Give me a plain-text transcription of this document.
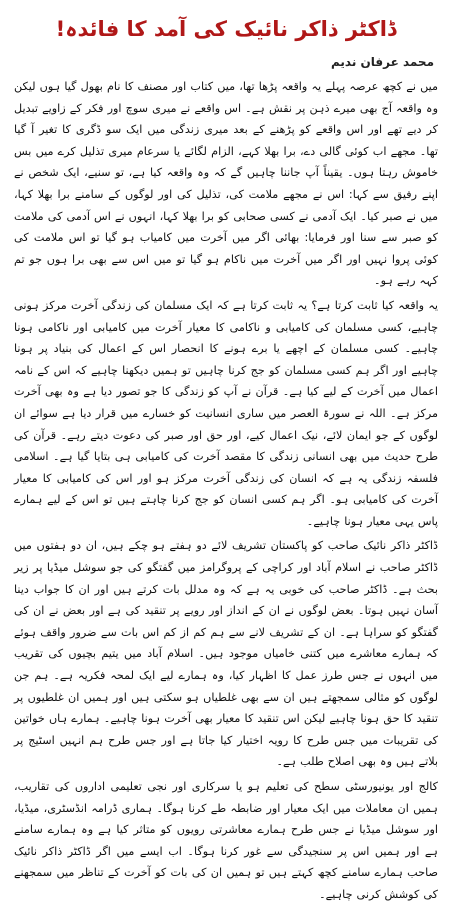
ڈاکٹر ذاکر نائیک کی آمد کا فائدہ!
محمد عرفان ندیم

میں نے کچھ عرصہ پہلے یہ واقعہ پڑھا تھا، میں کتاب اور مصنف کا نام بھول گیا ہوں لیکن وہ واقعہ آج بھی میرے ذہن پر نقش ہے۔ اس واقعے نے میری سوچ اور فکر کے زاویے تبدیل کر دیے تھے اور اس واقعے کو پڑھنے کے بعد میری زندگی میں ایک سو ڈگری کا تغیر آ گیا تھا۔ مجھے اب کوئی گالی دے، برا بھلا کہے، الزام لگائے یا سرعام میری تذلیل کرے میں بس خاموش رہتا ہوں۔ یقیناً آپ جاننا چاہیں گے کہ وہ واقعہ کیا ہے، تو سنیے، ایک شخص نے اپنے رفیق سے کہا: اس نے مجھے ملامت کی، تذلیل کی اور لوگوں کے سامنے برا بھلا کہا، میں نے صبر کیا۔ ایک آدمی نے کسی صحابی کو برا بھلا کہا، انہوں نے اس آدمی کی ملامت کو صبر سے سنا اور فرمایا: بھائی اگر میں آخرت میں کامیاب ہو گیا تو اس ملامت کی کوئی پروا نہیں اور اگر میں آخرت میں ناکام ہو گیا تو میں اس سے بھی برا ہوں جو تم کہہ رہے ہو۔

یہ واقعہ کیا ثابت کرتا ہے؟ یہ ثابت کرتا ہے کہ ایک مسلمان کی زندگی آخرت مرکز ہونی چاہیے، کسی مسلمان کی کامیابی و ناکامی کا معیار آخرت میں کامیابی اور ناکامی ہونا چاہیے۔ کسی مسلمان کے اچھے یا برے ہونے کا انحصار اس کے اعمال کی بنیاد پر ہونا چاہیے اور اگر ہم کسی مسلمان کو جج کرنا چاہیں تو ہمیں دیکھنا چاہیے کہ اس کے نامہ اعمال میں آخرت کے لیے کیا ہے۔ قرآن نے آپ کو زندگی کا جو تصور دیا ہے وہ بھی آخرت مرکز ہے۔ اللہ نے سورۃ العصر میں ساری انسانیت کو خسارے میں قرار دیا ہے سوائے ان لوگوں کے جو ایمان لائے، نیک اعمال کیے، اور حق اور صبر کی دعوت دیتے رہے۔ قرآن کی طرح حدیث میں بھی انسانی زندگی کا مقصد آخرت کی کامیابی ہی بتایا گیا ہے۔ اسلامی فلسفہ زندگی یہ ہے کہ انسان کی زندگی آخرت مرکز ہو اور اس کی کامیابی کا معیار آخرت کی کامیابی ہو۔ اگر ہم کسی انسان کو جج کرنا چاہتے ہیں تو اس کے لیے ہمارے پاس یہی معیار ہونا چاہیے۔

ڈاکٹر ذاکر نائیک صاحب کو پاکستان تشریف لائے دو ہفتے ہو چکے ہیں، ان دو ہفتوں میں ڈاکٹر صاحب نے اسلام آباد اور کراچی کے پروگرامز میں گفتگو کی جو سوشل میڈیا پر زیر بحث ہے۔ ڈاکٹر صاحب کی خوبی یہ ہے کہ وہ مدلل بات کرتے ہیں اور ان کا جواب دینا آسان نہیں ہوتا۔ بعض لوگوں نے ان کے انداز اور رویے پر تنقید کی ہے اور بعض نے ان کی گفتگو کو سراہا ہے۔ ان کے تشریف لانے سے ہم کم از کم اس بات سے ضرور واقف ہوئے کہ ہمارے معاشرے میں کتنی خامیاں موجود ہیں۔ اسلام آباد میں یتیم بچیوں کی تقریب میں انہوں نے جس طرز عمل کا اظہار کیا، وہ ہمارے لیے ایک لمحہ فکریہ ہے۔ ہم جن لوگوں کو مثالی سمجھتے ہیں ان سے بھی غلطیاں ہو سکتی ہیں اور ہمیں ان غلطیوں پر تنقید کا حق ہونا چاہیے لیکن اس تنقید کا معیار بھی آخرت ہونا چاہیے۔ ہمارے ہاں خواتین کی تقریبات میں جس طرح کا رویہ اختیار کیا جاتا ہے اور جس طرح ہم انہیں اسٹیج پر بلاتے ہیں وہ بھی اصلاح طلب ہے۔

کالج اور یونیورسٹی سطح کی تعلیم ہو یا سرکاری اور نجی تعلیمی اداروں کی تقاریب، ہمیں ان معاملات میں ایک معیار اور ضابطہ طے کرنا ہوگا۔ ہماری ڈرامہ انڈسٹری، میڈیا، اور سوشل میڈیا نے جس طرح ہمارے معاشرتی رویوں کو متاثر کیا ہے وہ ہمارے سامنے ہے اور ہمیں اس پر سنجیدگی سے غور کرنا ہوگا۔ اب ایسے میں اگر ڈاکٹر ذاکر نائیک صاحب ہمارے سامنے کچھ کہتے ہیں تو ہمیں ان کی بات کو آخرت کے تناظر میں سمجھنے کی کوشش کرنی چاہیے۔
